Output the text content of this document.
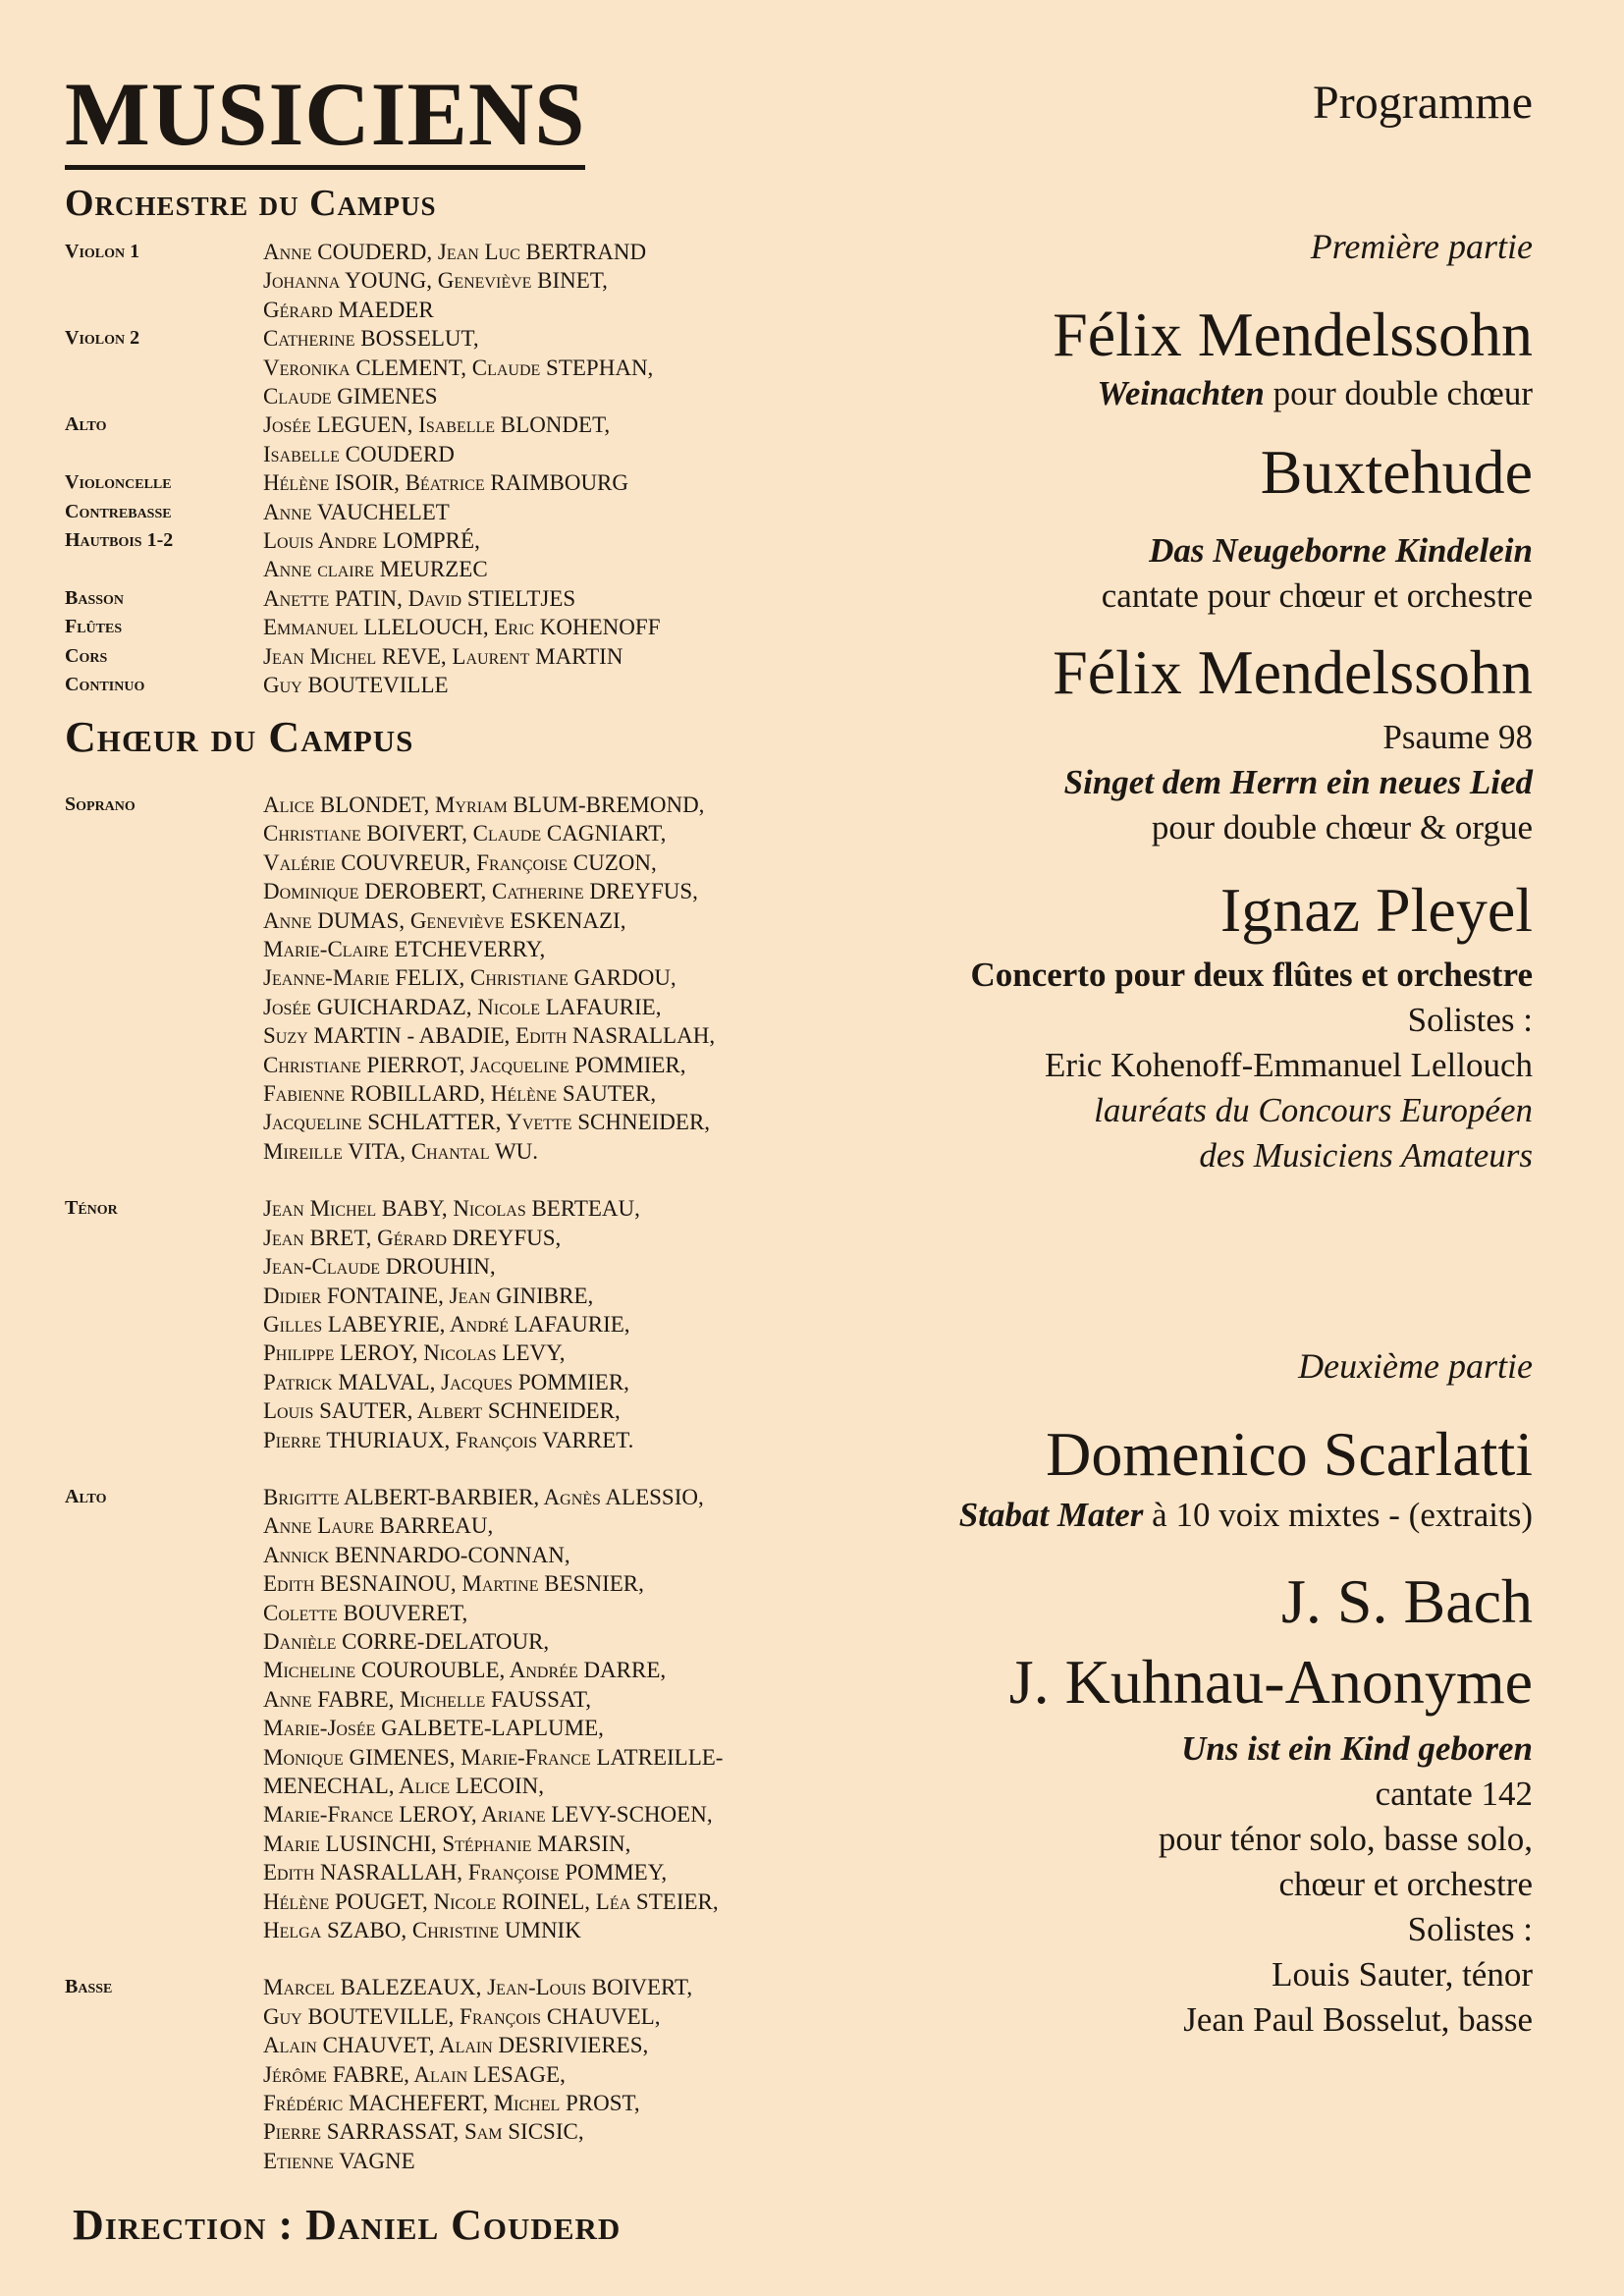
MUSICIENS
Orchestre du Campus
Violon 1	Anne COUDERD, Jean Luc BERTRAND
Johanna YOUNG, Geneviève BINET,
Gérard MAEDER
Violon 2	Catherine BOSSELUT,
Veronika CLEMENT, Claude STEPHAN,
Claude GIMENES
Alto	Josée LEGUEN, Isabelle BLONDET,
Isabelle COUDERD
Violoncelle	Hélène ISOIR, Béatrice RAIMBOURG
Contrebasse	Anne VAUCHELET
Hautbois 1-2	Louis Andre LOMPRÉ,
Anne claire MEURZEC
Basson	Anette PATIN, David STIELTJES
Flûtes	Emmanuel LLELOUCH, Eric KOHENOFF
Cors	Jean Michel REVE, Laurent MARTIN
Continuo	Guy BOUTEVILLE
Chœur du Campus
Soprano	Alice BLONDET, Myriam BLUM-BREMOND,
Christiane BOIVERT, Claude CAGNIART,
Valérie COUVREUR, Françoise CUZON,
Dominique DEROBERT, Catherine DREYFUS,
Anne DUMAS, Geneviève ESKENAZI,
Marie-Claire ETCHEVERRY,
Jeanne-Marie FELIX, Christiane GARDOU,
Josée GUICHARDAZ, Nicole LAFAURIE,
Suzy MARTIN - ABADIE, Edith NASRALLAH,
Christiane PIERROT, Jacqueline POMMIER,
Fabienne ROBILLARD, Hélène SAUTER,
Jacqueline SCHLATTER, Yvette SCHNEIDER,
Mireille VITA, Chantal WU.
Ténor	Jean Michel BABY, Nicolas BERTEAU,
Jean BRET, Gérard DREYFUS,
Jean-Claude DROUHIN,
Didier FONTAINE, Jean GINIBRE,
Gilles LABEYRIE, André LAFAURIE,
Philippe LEROY, Nicolas LEVY,
Patrick MALVAL, Jacques POMMIER,
Louis SAUTER, Albert SCHNEIDER,
Pierre THURIAUX, François VARRET.
Alto	Brigitte ALBERT-BARBIER, Agnès ALESSIO,
Anne Laure BARREAU,
Annick BENNARDO-CONNAN,
Edith BESNAINOU, Martine BESNIER,
Colette BOUVERET,
Danièle CORRE-DELATOUR,
Micheline COUROUBLE, Andrée DARRE,
Anne FABRE, Michelle FAUSSAT,
Marie-Josée GALBETE-LAPLUME,
Monique GIMENES, Marie-France LATREILLE-
MENECHAL, Alice LECOIN,
Marie-France LEROY, Ariane LEVY-SCHOEN,
Marie LUSINCHI, Stéphanie MARSIN,
Edith NASRALLAH, Françoise POMMEY,
Hélène POUGET, Nicole ROINEL, Léa STEIER,
Helga SZABO, Christine UMNIK
Basse	Marcel BALEZEAUX, Jean-Louis BOIVERT,
Guy BOUTEVILLE, François CHAUVEL,
Alain CHAUVET, Alain DESRIVIERES,
Jérôme FABRE, Alain LESAGE,
Frédéric MACHEFERT, Michel PROST,
Pierre SARRASSAT, Sam SICSIC,
Etienne VAGNE
Direction : Daniel Couderd

Programme

Première partie

Félix Mendelssohn

Weinachten pour double chœur

Buxtehude

Das Neugeborne Kindelein

cantate pour chœur et orchestre

Félix Mendelssohn

Psaume 98

Singet dem Herrn ein neues Lied

pour double chœur & orgue

Ignaz Pleyel

Concerto pour deux flûtes et orchestre

Solistes :

Eric Kohenoff-Emmanuel Lellouch

lauréats du Concours Européen

des Musiciens Amateurs

Deuxième partie

Domenico Scarlatti

Stabat Mater à 10 voix mixtes - (extraits)

J. S. Bach

J. Kuhnau-Anonyme

Uns ist ein Kind geboren

cantate 142

pour ténor solo, basse solo,

chœur et orchestre

Solistes :

Louis Sauter, ténor

Jean Paul Bosselut, basse
